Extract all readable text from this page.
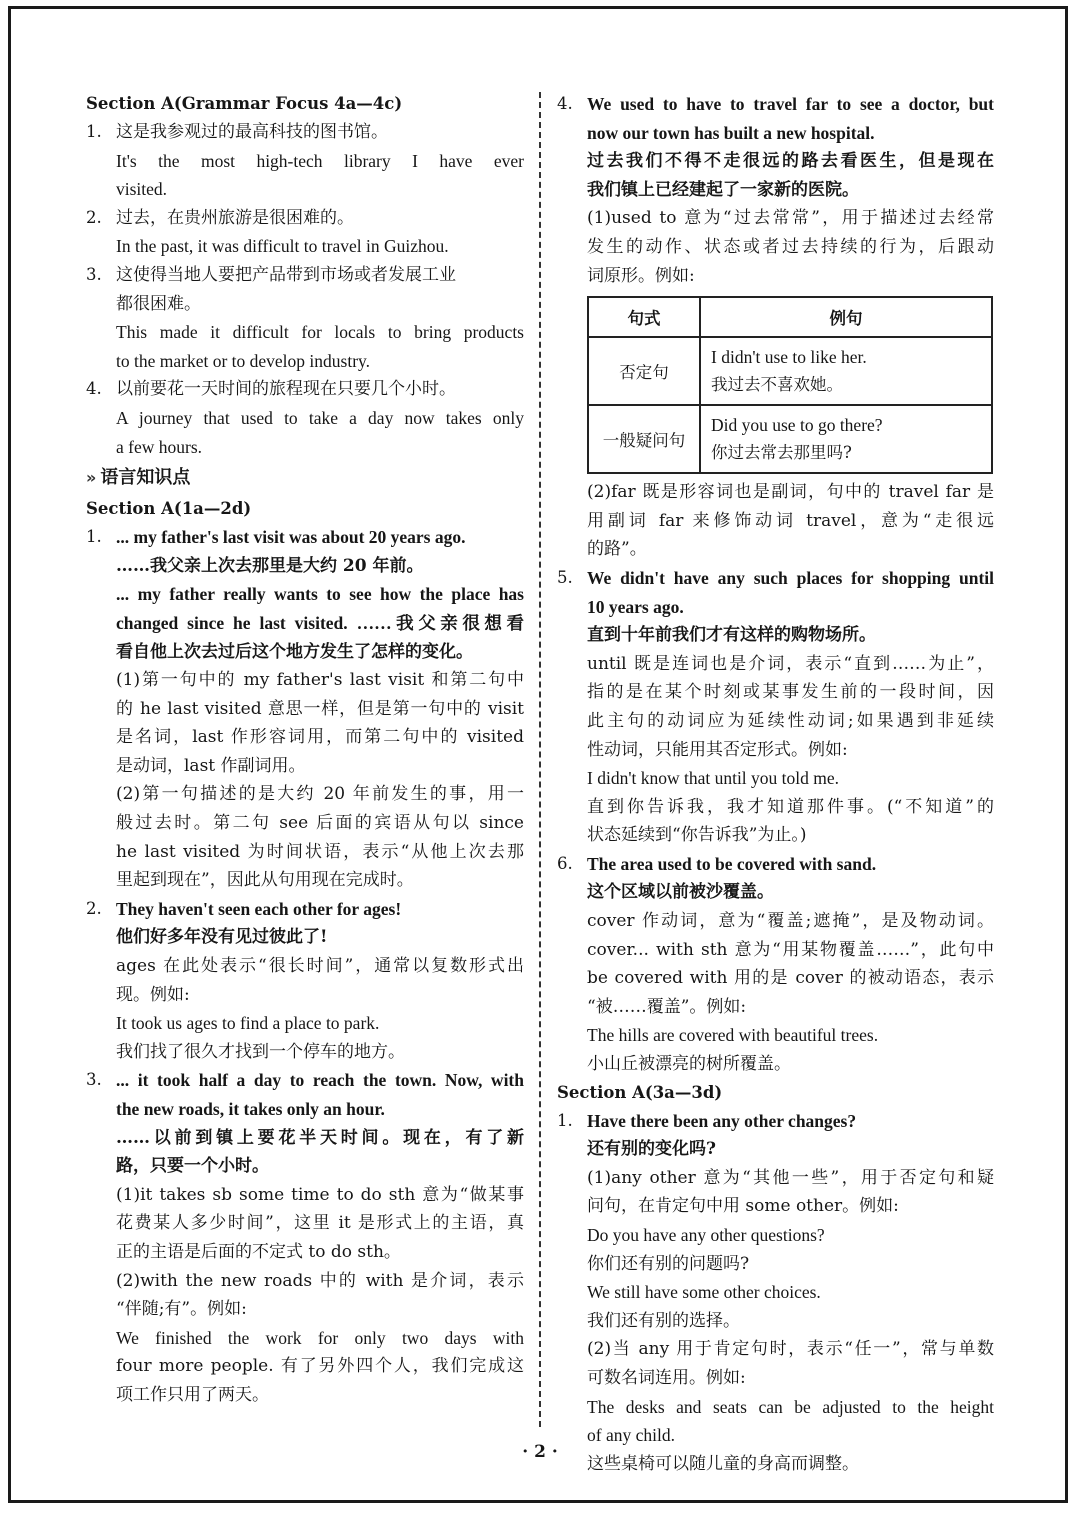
Section A(Grammar Focus 4a—4c)
1. 这是我参观过的最高科技的图书馆。
It's the most high-tech library I have ever
visited.
2. 过去，在贵州旅游是很困难的。
In the past, it was difficult to travel in Guizhou.
3. 这使得当地人要把产品带到市场或者发展工业
都很困难。
This made it difficult for locals to bring products
to the market or to develop industry.
4. 以前要花一天时间的旅程现在只要几个小时。
A journey that used to take a day now takes only
a few hours.
» 语言知识点
Section A(1a—2d)
1. ... my father's last visit was about 20 years ago.
……我父亲上次去那里是大约 20 年前。
... my father really wants to see how the place has
changed since he last visited. ……我父亲很想看
看自他上次去过后这个地方发生了怎样的变化。
(1)第一句中的 my father's last visit 和第二句中
的 he last visited 意思一样，但是第一句中的 visit
是名词，last 作形容词用，而第二句中的 visited
是动词，last 作副词用。
(2)第一句描述的是大约 20 年前发生的事，用一
般过去时。第二句 see 后面的宾语从句以 since
he last visited 为时间状语，表示“从他上次去那
里起到现在”，因此从句用现在完成时。
2. They haven't seen each other for ages!
他们好多年没有见过彼此了!
ages 在此处表示“很长时间”，通常以复数形式出
现。例如:
It took us ages to find a place to park.
我们找了很久才找到一个停车的地方。
3. ... it took half a day to reach the town. Now, with
the new roads, it takes only an hour.
……以前到镇上要花半天时间。现在，有了新
路，只要一个小时。
(1)it takes sb some time to do sth 意为“做某事
花费某人多少时间”，这里 it 是形式上的主语，真
正的主语是后面的不定式 to do sth。
(2)with the new roads 中的 with 是介词，表示
“伴随;有”。例如:
We finished the work for only two days with
four more people. 有了另外四个人，我们完成这
项工作只用了两天。
4. We used to have to travel far to see a doctor, but
now our town has built a new hospital.
过去我们不得不走很远的路去看医生，但是现在
我们镇上已经建起了一家新的医院。
(1)used to 意为“过去常常”，用于描述过去经常
发生的动作、状态或者过去持续的行为，后跟动
词原形。例如:
句式	例句
否定句	I didn't use to like her.
我过去不喜欢她。

一般疑问句	Did you use to go there?
你过去常去那里吗?
(2)far 既是形容词也是副词，句中的 travel far 是
用副词 far 来修饰动词 travel，意为“走很远
的路”。
5. We didn't have any such places for shopping until
10 years ago.
直到十年前我们才有这样的购物场所。
until 既是连词也是介词，表示“直到……为止”，
指的是在某个时刻或某事发生前的一段时间，因
此主句的动词应为延续性动词;如果遇到非延续
性动词，只能用其否定形式。例如:
I didn't know that until you told me.
直到你告诉我，我才知道那件事。(“不知道”的
状态延续到“你告诉我”为止。)
6. The area used to be covered with sand.
这个区域以前被沙覆盖。
cover 作动词，意为“覆盖;遮掩”，是及物动词。
cover... with sth 意为“用某物覆盖……”，此句中
be covered with 用的是 cover 的被动语态，表示
“被……覆盖”。例如:
The hills are covered with beautiful trees.
小山丘被漂亮的树所覆盖。
Section A(3a—3d)
1. Have there been any other changes?
还有别的变化吗?
(1)any other 意为“其他一些”，用于否定句和疑
问句，在肯定句中用 some other。例如:
Do you have any other questions?
你们还有别的问题吗?
We still have some other choices.
我们还有别的选择。
(2)当 any 用于肯定句时，表示“任一”，常与单数
可数名词连用。例如:
The desks and seats can be adjusted to the height
of any child.
这些桌椅可以随儿童的身高而调整。
· 2 ·
